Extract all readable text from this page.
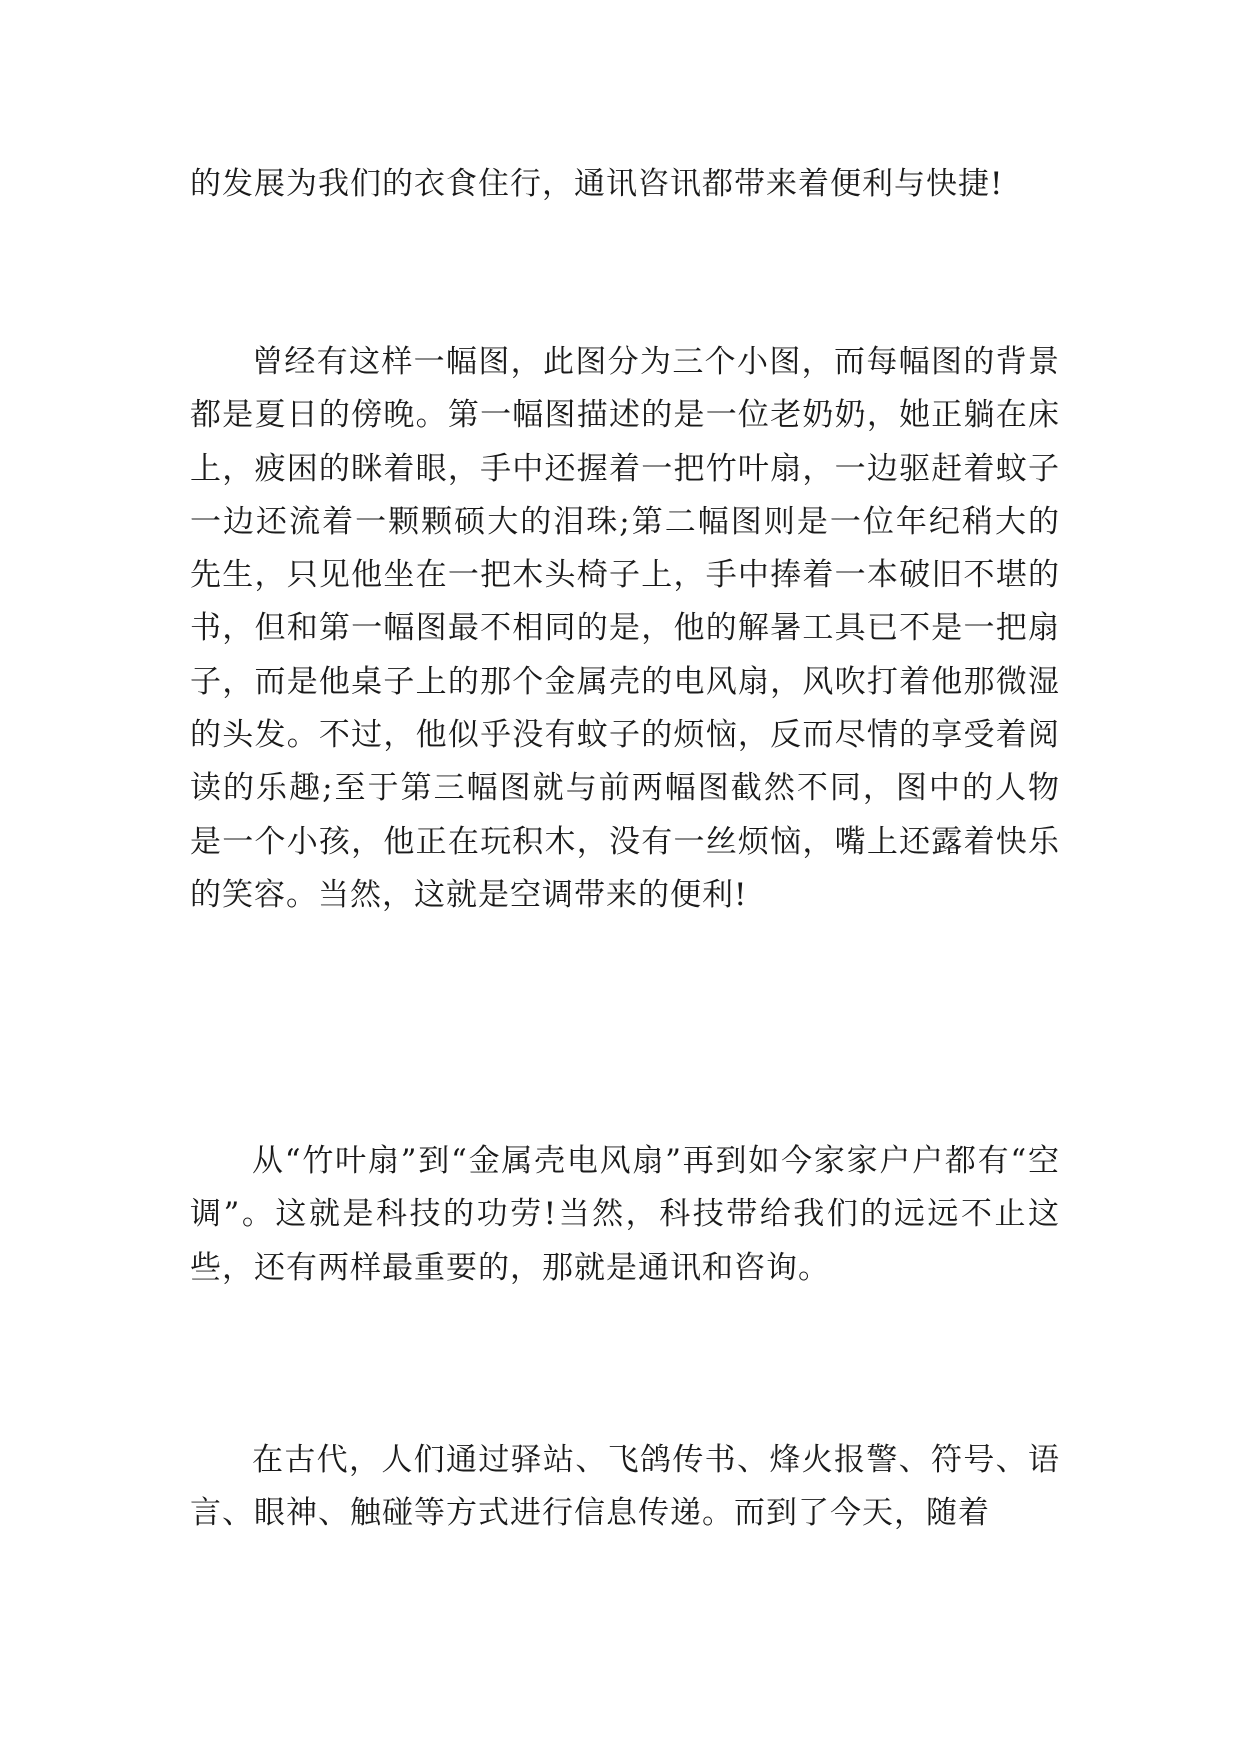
的发展为我们的衣食住行，通讯咨讯都带来着便利与快捷!

曾经有这样一幅图，此图分为三个小图，而每幅图的背景都是夏日的傍晚。第一幅图描述的是一位老奶奶，她正躺在床上，疲困的眯着眼，手中还握着一把竹叶扇，一边驱赶着蚊子一边还流着一颗颗硕大的泪珠;第二幅图则是一位年纪稍大的先生，只见他坐在一把木头椅子上，手中捧着一本破旧不堪的书，但和第一幅图最不相同的是，他的解暑工具已不是一把扇子，而是他桌子上的那个金属壳的电风扇，风吹打着他那微湿的头发。不过，他似乎没有蚊子的烦恼，反而尽情的享受着阅读的乐趣;至于第三幅图就与前两幅图截然不同，图中的人物是一个小孩，他正在玩积木，没有一丝烦恼，嘴上还露着快乐的笑容。当然，这就是空调带来的便利!

从“竹叶扇”到“金属壳电风扇”再到如今家家户户都有“空调”。这就是科技的功劳!当然，科技带给我们的远远不止这些，还有两样最重要的，那就是通讯和咨询。

在古代，人们通过驿站、飞鸽传书、烽火报警、符号、语言、眼神、触碰等方式进行信息传递。而到了今天，随着
